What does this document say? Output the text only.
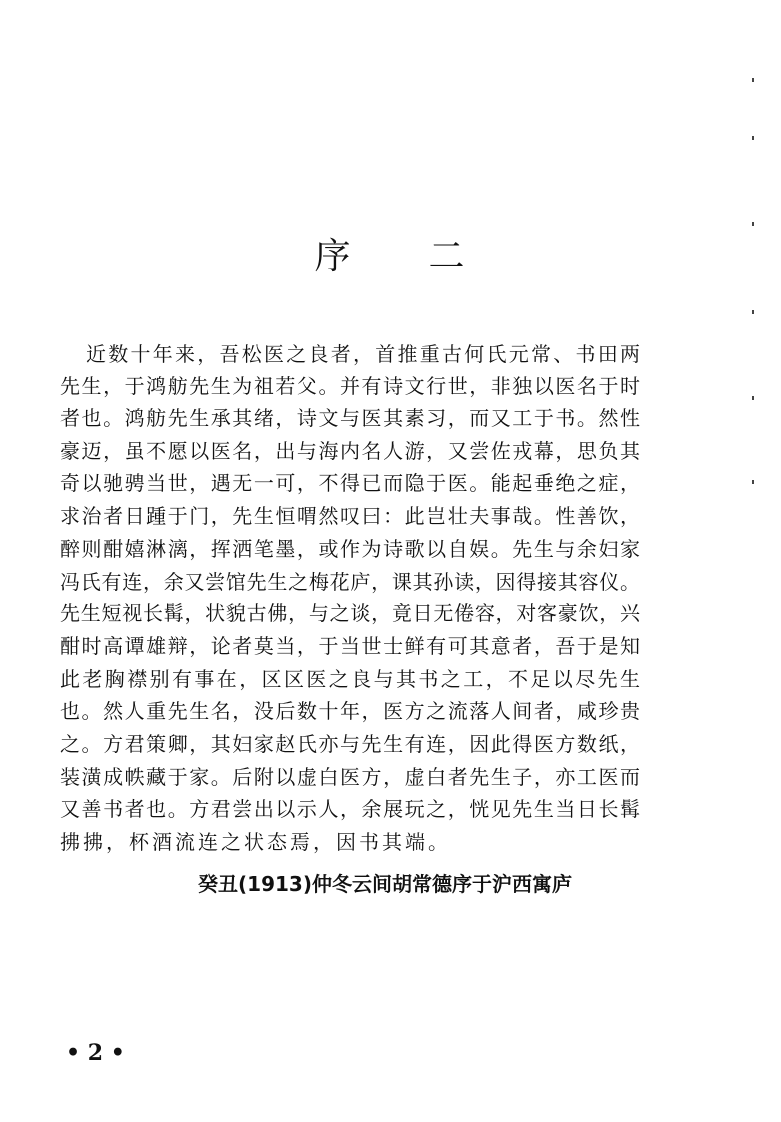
序 二
近数十年来，吾松医之良者，首推重古何氏元常、书田两
先生，于鸿舫先生为祖若父。并有诗文行世，非独以医名于时
者也。鸿舫先生承其绪，诗文与医其素习，而又工于书。然性
豪迈，虽不愿以医名，出与海内名人游，又尝佐戎幕，思负其
奇以驰骋当世，遇无一可，不得已而隐于医。能起垂绝之症，
求治者日踵于门，先生恒喟然叹曰：此岂壮夫事哉。性善饮，
醉则酣嬉淋漓，挥洒笔墨，或作为诗歌以自娱。先生与余妇家
冯氏有连，余又尝馆先生之梅花庐，课其孙读，因得接其容仪。
先生短视长髯，状貌古佛，与之谈，竟日无倦容，对客豪饮，兴
酣时高谭雄辩，论者莫当，于当世士鲜有可其意者，吾于是知
此老胸襟别有事在，区区医之良与其书之工，不足以尽先生
也。然人重先生名，没后数十年，医方之流落人间者，咸珍贵
之。方君策卿，其妇家赵氏亦与先生有连，因此得医方数纸，
装潢成帙藏于家。后附以虚白医方，虚白者先生子，亦工医而
又善书者也。方君尝出以示人，余展玩之，恍见先生当日长髯
拂拂，杯酒流连之状态焉，因书其端。
癸丑(1913)仲冬云间胡常德序于沪西寓庐
• 2 •
